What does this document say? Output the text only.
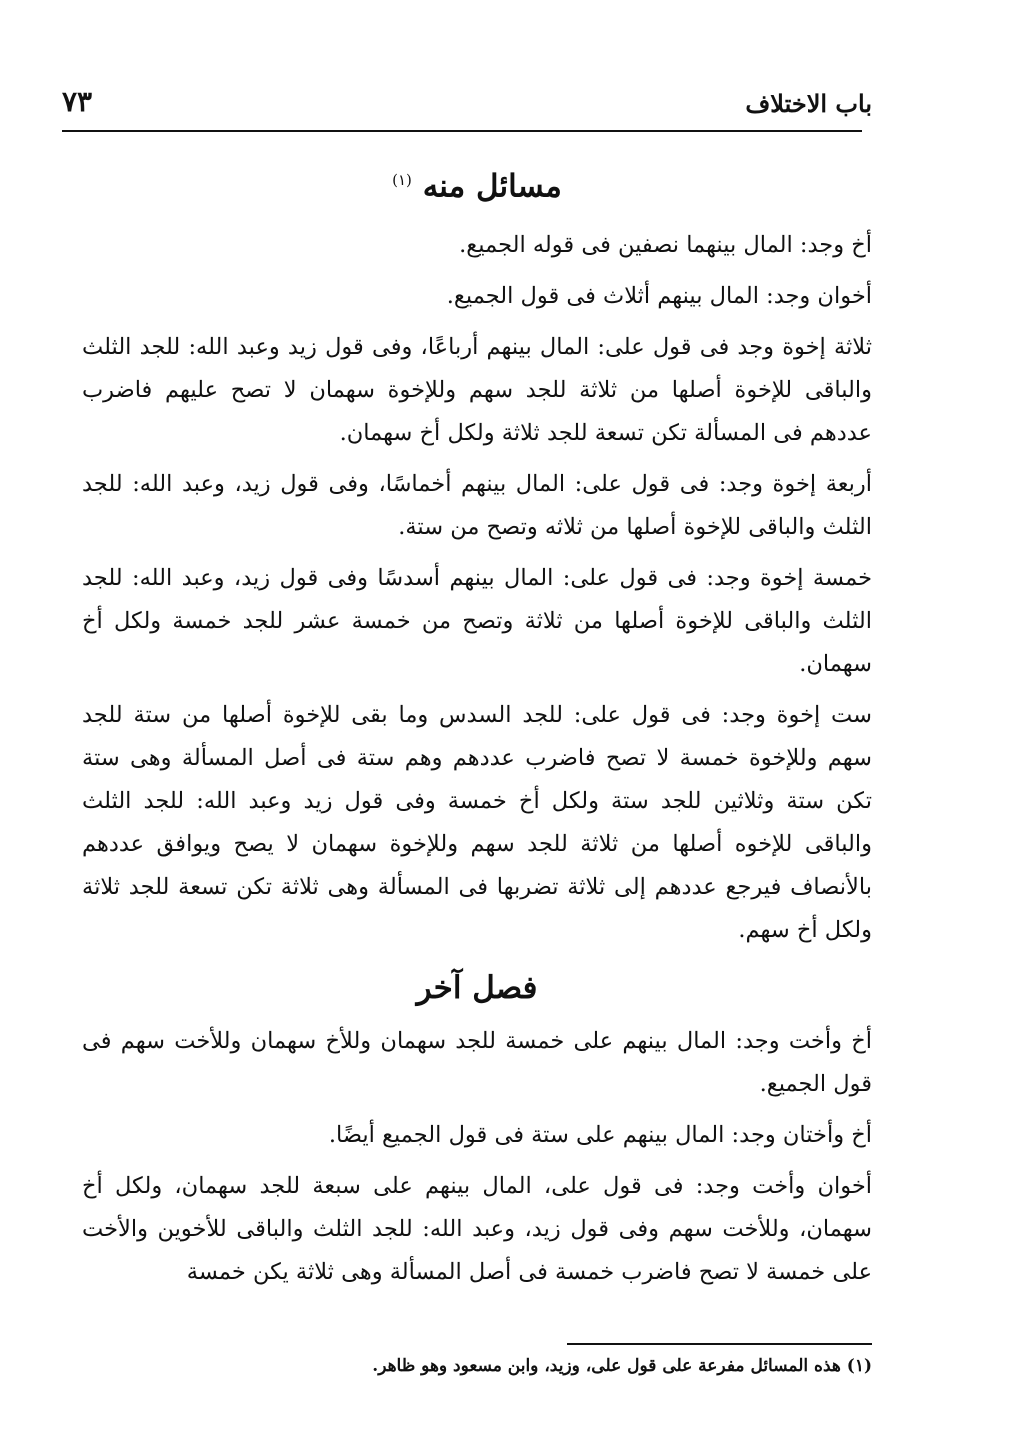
باب الاختلاف
٧٣
مسائل منه $^{(١)}$

أخ وجد: المال بينهما نصفين فى قوله الجميع.

أخوان وجد: المال بينهم أثلاث فى قول الجميع.

ثلاثة إخوة وجد فى قول على: المال بينهم أرباعًا، وفى قول زيد وعبد الله: للجد الثلث والباقى للإخوة أصلها من ثلاثة للجد سهم وللإخوة سهمان لا تصح عليهم فاضرب عددهم فى المسألة تكن تسعة للجد ثلاثة ولكل أخ سهمان.

أربعة إخوة وجد: فى قول على: المال بينهم أخماسًا، وفى قول زيد، وعبد الله: للجد الثلث والباقى للإخوة أصلها من ثلاثه وتصح من ستة.

خمسة إخوة وجد: فى قول على: المال بينهم أسدسًا وفى قول زيد، وعبد الله: للجد الثلث والباقى للإخوة أصلها من ثلاثة وتصح من خمسة عشر للجد خمسة ولكل أخ سهمان.

ست إخوة وجد: فى قول على: للجد السدس وما بقى للإخوة أصلها من ستة للجد سهم وللإخوة خمسة لا تصح فاضرب عددهم وهم ستة فى أصل المسألة وهى ستة تكن ستة وثلاثين للجد ستة ولكل أخ خمسة وفى قول زيد وعبد الله: للجد الثلث والباقى للإخوه أصلها من ثلاثة للجد سهم وللإخوة سهمان لا يصح ويوافق عددهم بالأنصاف فيرجع عددهم إلى ثلاثة تضربها فى المسألة وهى ثلاثة تكن تسعة للجد ثلاثة ولكل أخ سهم.

فصل آخر

أخ وأخت وجد: المال بينهم على خمسة للجد سهمان وللأخ سهمان وللأخت سهم فى قول الجميع.

أخ وأختان وجد: المال بينهم على ستة فى قول الجميع أيضًا.

أخوان وأخت وجد: فى قول على، المال بينهم على سبعة للجد سهمان، ولكل أخ سهمان، وللأخت سهم وفى قول زيد، وعبد الله: للجد الثلث والباقى للأخوين والأخت على خمسة لا تصح فاضرب خمسة فى أصل المسألة وهى ثلاثة يكن خمسة

(١) هذه المسائل مفرعة على قول على، وزيد، وابن مسعود وهو ظاهر.
